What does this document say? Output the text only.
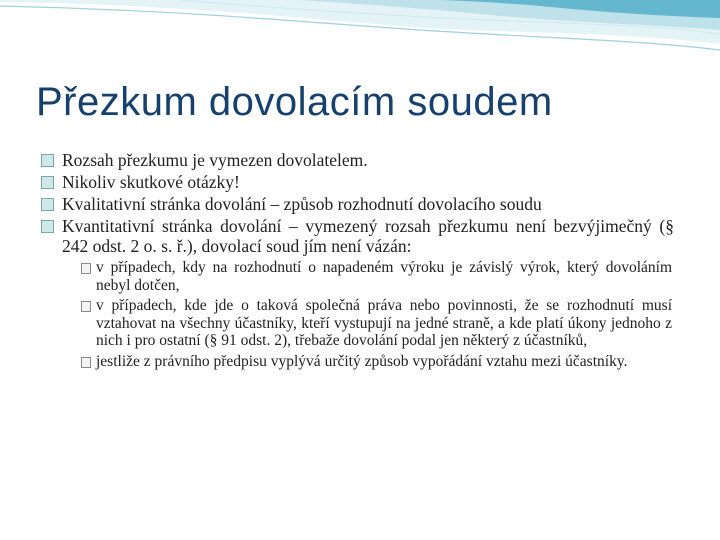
Přezkum dovolacím soudem
Rozsah přezkumu je vymezen dovolatelem.
Nikoliv skutkové otázky!
Kvalitativní stránka dovolání – způsob rozhodnutí dovolacího soudu
Kvantitativní stránka dovolání – vymezený rozsah přezkumu není bezvýjimečný (§ 242 odst. 2 o. s. ř.), dovolací soud jím není vázán:
v případech, kdy na rozhodnutí o napadeném výroku je závislý výrok, který dovoláním nebyl dotčen,
v případech, kde jde o taková společná práva nebo povinnosti, že se rozhodnutí musí vztahovat na všechny účastníky, kteří vystupují na jedné straně, a kde platí úkony jednoho z nich i pro ostatní (§ 91 odst. 2), třebaže dovolání podal jen některý z účastníků,
jestliže z právního předpisu vyplývá určitý způsob vypořádání vztahu mezi účastníky.
